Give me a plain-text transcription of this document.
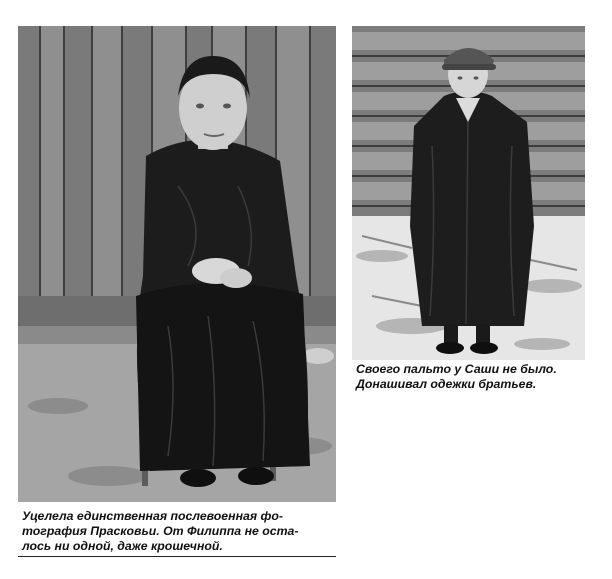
Уцелела единственная послевоенная фо-
тография Прасковьи. От Филиппа не оста-
лось ни одной, даже крошечной.

Своего пальто у Саши не было.
Донашивал одежки братьев.
